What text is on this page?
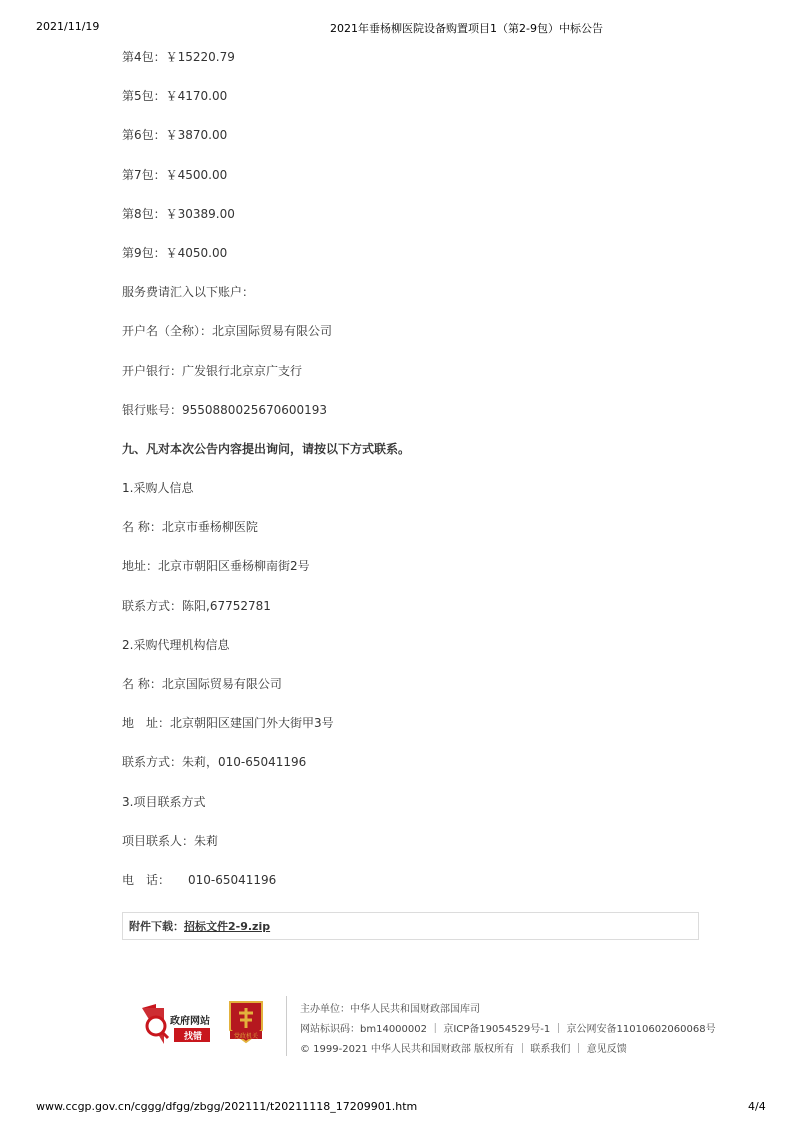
2021/11/19	2021年垂杨柳医院设备购置项目1（第2-9包）中标公告
第4包：￥15220.79
第5包：￥4170.00
第6包：￥3870.00
第7包：￥4500.00
第8包：￥30389.00
第9包：￥4050.00
服务费请汇入以下账户：
开户名（全称）：北京国际贸易有限公司
开户银行：广发银行北京京广支行
银行账号：9550880025670600193
九、凡对本次公告内容提出询问，请按以下方式联系。
1.采购人信息
名 称：北京市垂杨柳医院
地址：北京市朝阳区垂杨柳南街2号
联系方式：陈阳,67752781
2.采购代理机构信息
名 称：北京国际贸易有限公司
地　址：北京朝阳区建国门外大街甲3号
联系方式：朱莉，010-65041196
3.项目联系方式
项目联系人：朱莉
电　话：　　010-65041196
附件下载：招标文件2-9.zip
政府网站
找错	党政机关
主办单位：中华人民共和国财政部国库司
网站标识码：bm14000002 ｜ 京ICP备19054529号-1 ｜ 京公网安备11010602060068号
© 1999-2021 中华人民共和国财政部 版权所有 ｜ 联系我们 ｜ 意见反馈
www.ccgp.gov.cn/cggg/dfgg/zbgg/202111/t20211118_17209901.htm	4/4
